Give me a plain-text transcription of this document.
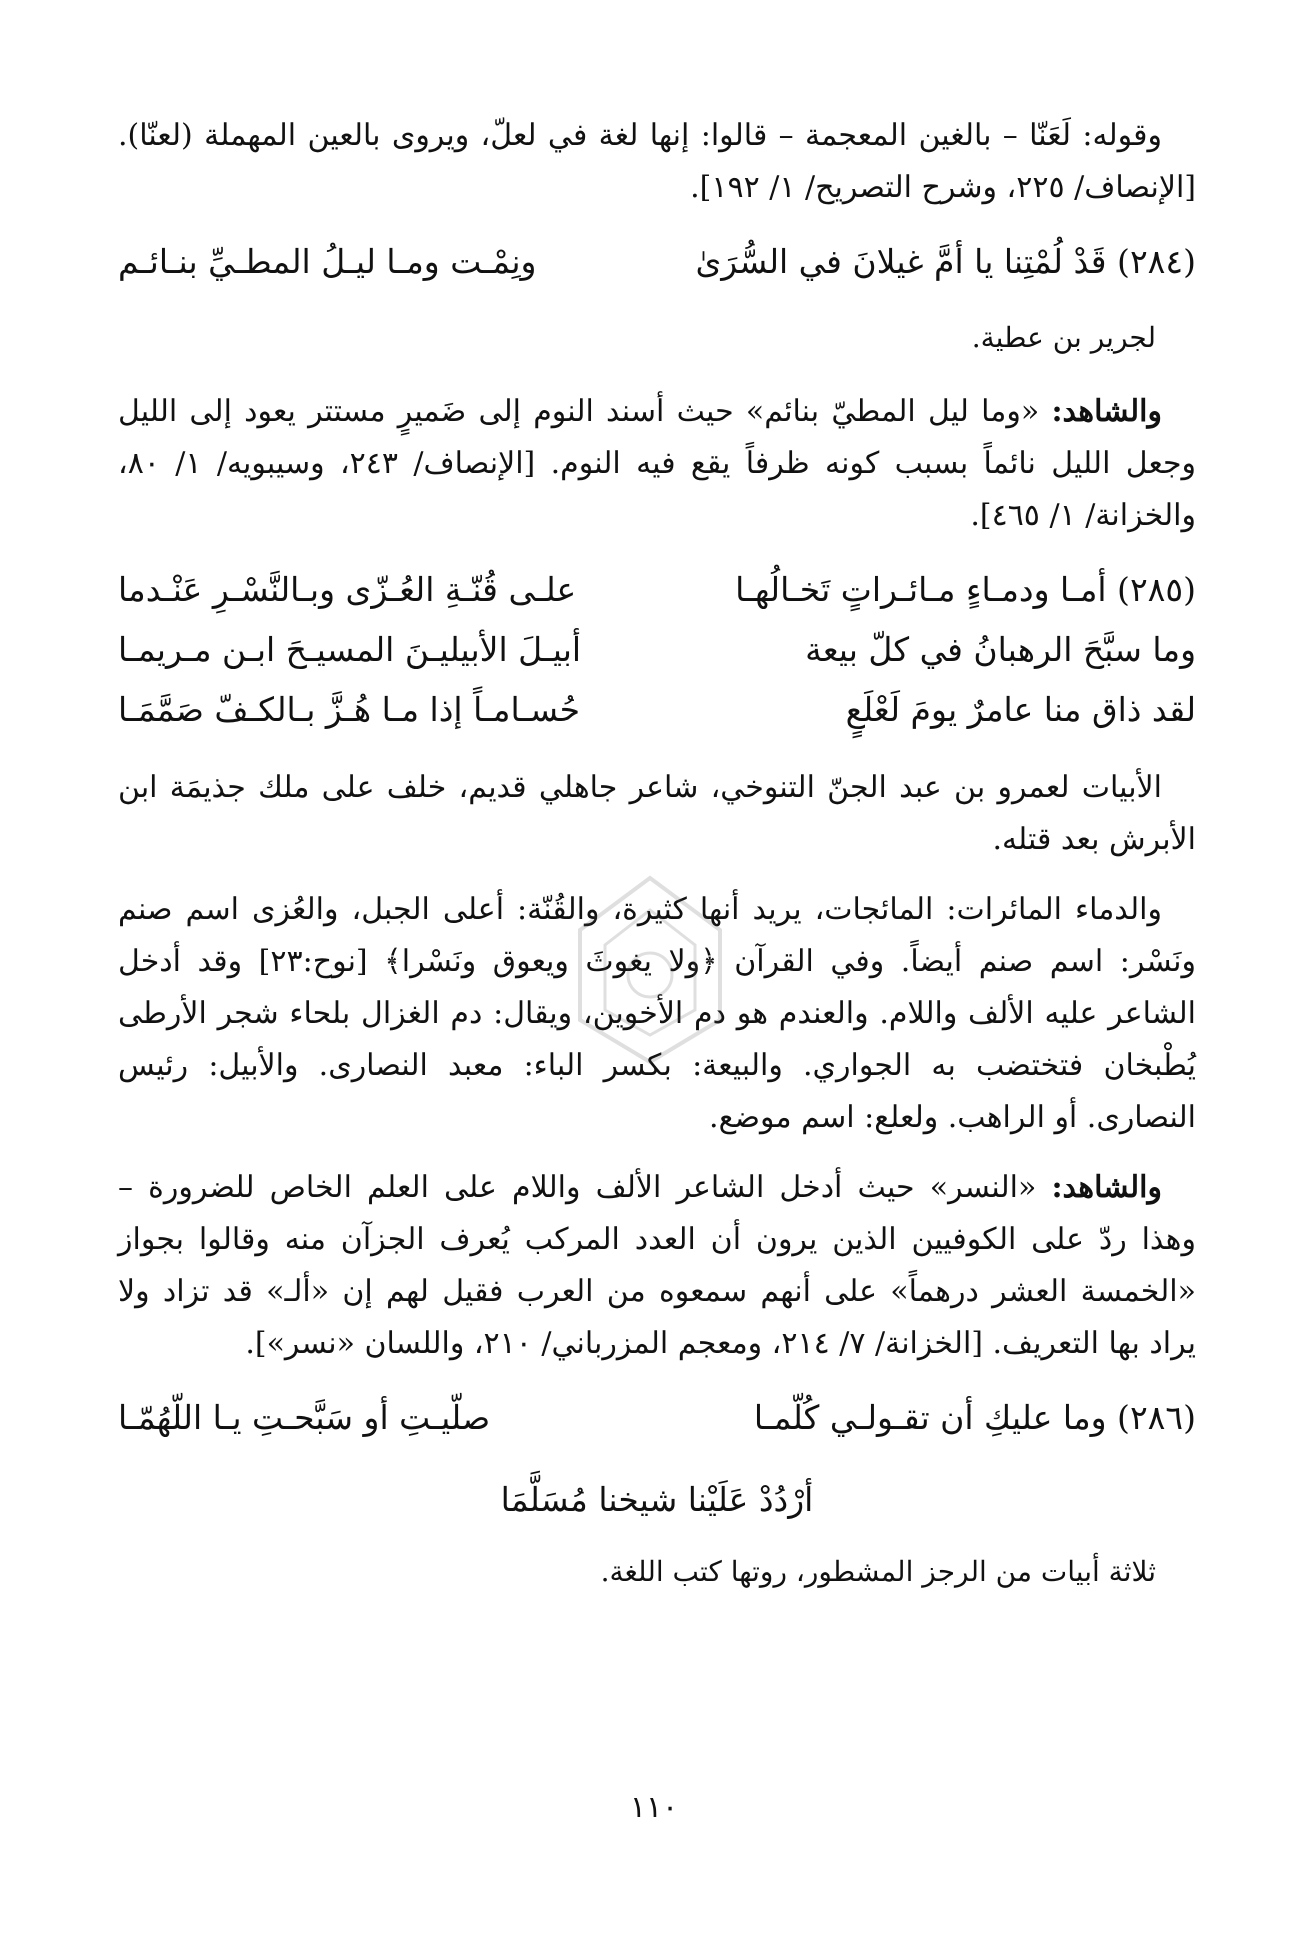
وقوله: لَعَنّا – بالغين المعجمة – قالوا: إنها لغة في لعلّ، ويروى بالعين المهملة (لعنّا). [الإنصاف/ ٢٢٥، وشرح التصريح/ ١/ ١٩٢].

(٢٨٤) قَدْ لُمْتِنا يا أمَّ غيلانَ في السُّرَىٰ
ونِمْـت ومـا ليـلُ المطـيِّ بنـائـم

لجرير بن عطية.

والشاهد: «وما ليل المطيّ بنائم» حيث أسند النوم إلى ضَميرٍ مستتر يعود إلى الليل وجعل الليل نائماً بسبب كونه ظرفاً يقع فيه النوم. [الإنصاف/ ٢٤٣، وسيبويه/ ١/ ٨٠، والخزانة/ ١/ ٤٦٥].

(٢٨٥) أمـا ودمـاءٍ مـائـراتٍ تَخـالُهـا
علـى قُنّـةِ العُـزّى وبـالنَّسْـرِ عَنْـدما
وما سبَّحَ الرهبانُ في كلّ بيعة
أبيـلَ الأبيليـنَ المسيـحَ ابـن مـريمـا
لقد ذاق منا عامرٌ يومَ لَعْلَعٍ
حُسـامـاً إذا مـا هُـزَّ بـالكـفّ صَمَّمَـا

الأبيات لعمرو بن عبد الجنّ التنوخي، شاعر جاهلي قديم، خلف على ملك جذيمَة ابن الأبرش بعد قتله.

والدماء المائرات: المائجات، يريد أنها كثيرة، والقُنّة: أعلى الجبل، والعُزى اسم صنم ونَسْر: اسم صنم أيضاً. وفي القرآن ﴿ولا يغوثَ ويعوق ونَسْرا﴾ [نوح:٢٣] وقد أدخل الشاعر عليه الألف واللام. والعندم هو دم الأخوين، ويقال: دم الغزال بلحاء شجر الأرطى يُطْبخان فتختضب به الجواري. والبيعة: بكسر الباء: معبد النصارى. والأبيل: رئيس النصارى. أو الراهب. ولعلع: اسم موضع.

والشاهد: «النسر» حيث أدخل الشاعر الألف واللام على العلم الخاص للضرورة – وهذا ردّ على الكوفيين الذين يرون أن العدد المركب يُعرف الجزآن منه وقالوا بجواز «الخمسة العشر درهماً» على أنهم سمعوه من العرب فقيل لهم إن «ألـ» قد تزاد ولا يراد بها التعريف. [الخزانة/ ٧/ ٢١٤، ومعجم المزرباني/ ٢١٠، واللسان «نسر»].

(٢٨٦) وما عليكِ أن تقـولـي كُلّمـا
صلّيـتِ أو سَبَّحـتِ يـا اللّهُمّـا
أرْدُدْ عَلَيْنا شيخنا مُسَلَّمَا

ثلاثة أبيات من الرجز المشطور، روتها كتب اللغة.

١١٠
